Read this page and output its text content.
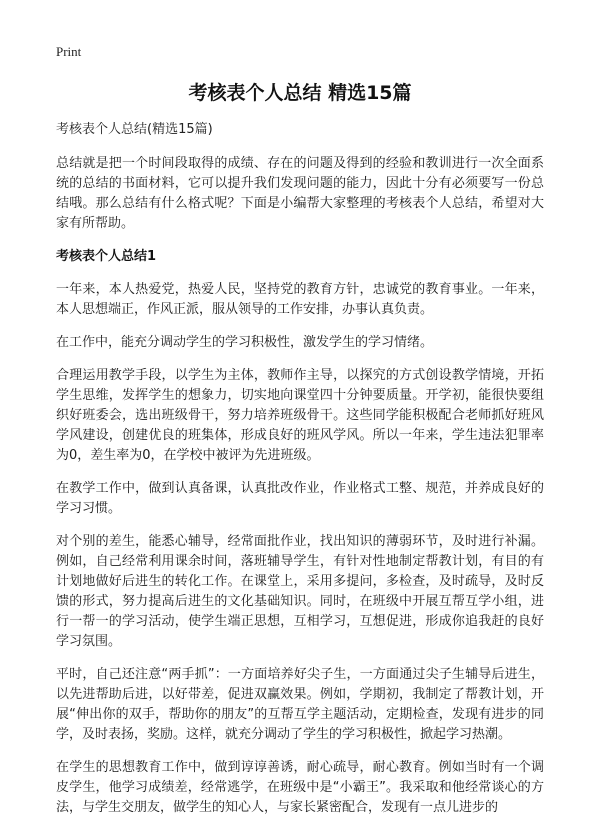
Print
考核表个人总结 精选15篇

考核表个人总结(精选15篇)

总结就是把一个时间段取得的成绩、存在的问题及得到的经验和教训进行一次全面系统的总结的书面材料，它可以提升我们发现问题的能力，因此十分有必须要写一份总结哦。那么总结有什么格式呢？下面是小编帮大家整理的考核表个人总结，希望对大家有所帮助。

考核表个人总结1

一年来，本人热爱党，热爱人民，坚持党的教育方针，忠诚党的教育事业。一年来，本人思想端正，作风正派，服从领导的工作安排，办事认真负责。

在工作中，能充分调动学生的学习积极性，激发学生的学习情绪。

合理运用教学手段，以学生为主体，教师作主导，以探究的方式创设教学情境，开拓学生思维，发挥学生的想象力，切实地向课堂四十分钟要质量。开学初，能很快要组织好班委会，选出班级骨干，努力培养班级骨干。这些同学能积极配合老师抓好班风学风建设，创建优良的班集体，形成良好的班风学风。所以一年来，学生违法犯罪率为0，差生率为0，在学校中被评为先进班级。

在教学工作中，做到认真备课，认真批改作业，作业格式工整、规范，并养成良好的学习习惯。

对个别的差生，能悉心辅导，经常面批作业，找出知识的薄弱环节，及时进行补漏。例如，自己经常利用课余时间，落班辅导学生，有针对性地制定帮教计划，有目的有计划地做好后进生的转化工作。在课堂上，采用多提问，多检查，及时疏导，及时反馈的形式，努力提高后进生的文化基础知识。同时，在班级中开展互帮互学小组，进行一帮一的学习活动，使学生端正思想，互相学习，互想促进，形成你追我赶的良好学习氛围。

平时，自己还注意“两手抓”：一方面培养好尖子生，一方面通过尖子生辅导后进生，以先进帮助后进，以好带差，促进双赢效果。例如，学期初，我制定了帮教计划，开展“伸出你的双手，帮助你的朋友”的互帮互学主题活动，定期检查，发现有进步的同学，及时表扬，奖励。这样，就充分调动了学生的学习积极性，掀起学习热潮。

在学生的思想教育工作中，做到谆谆善诱，耐心疏导，耐心教育。例如当时有一个调皮学生，他学习成绩差，经常逃学，在班级中是“小霸王”。我采取和他经常谈心的方法，与学生交朋友，做学生的知心人，与家长紧密配合，发现有一点儿进步的
